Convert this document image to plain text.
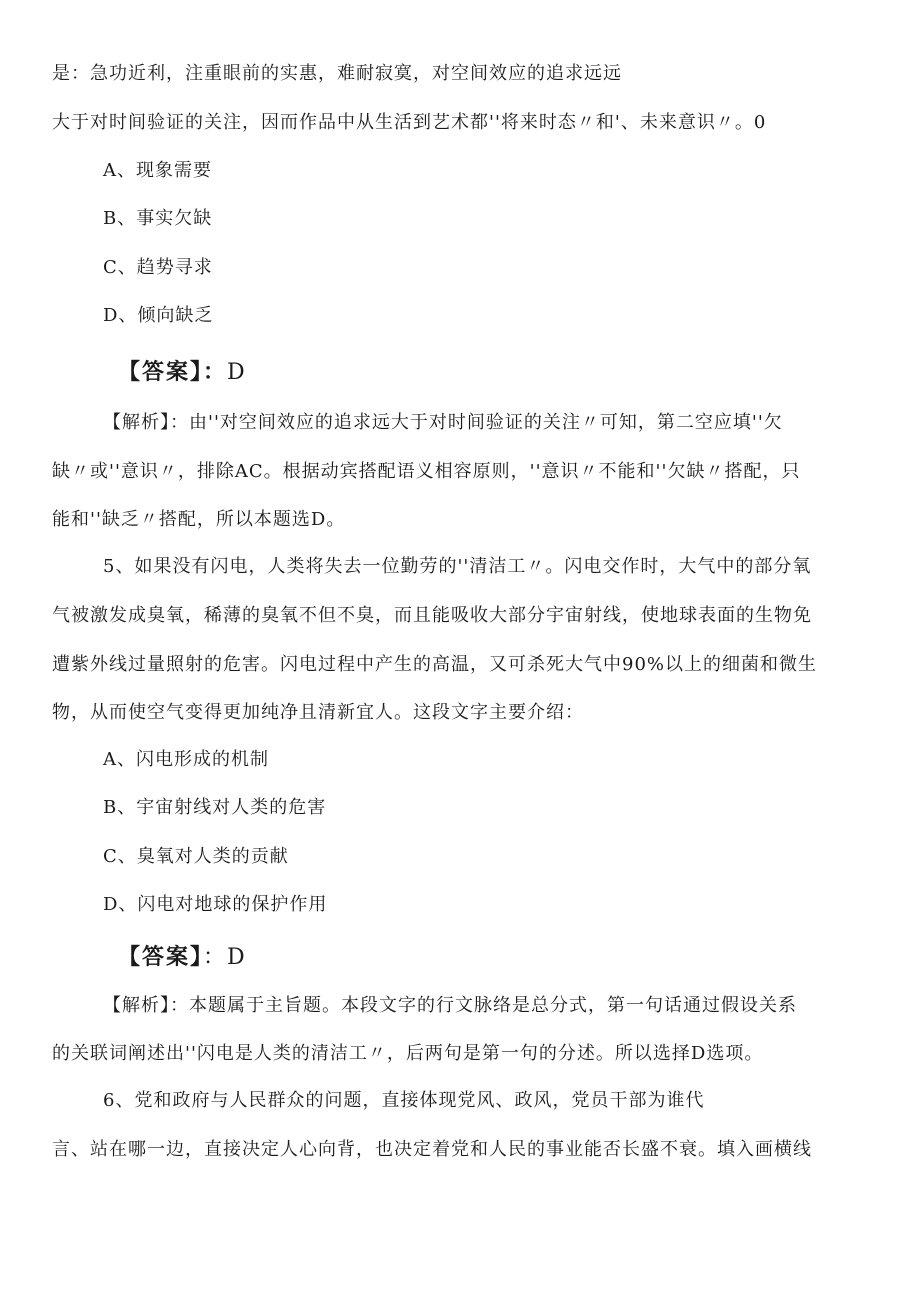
是：急功近利，注重眼前的实惠，难耐寂寞，对空间效应的追求远远
大于对时间验证的关注，因而作品中从生活到艺术都''将来时态〃和'、未来意识〃。0
A、现象需要
B、事实欠缺
C、趋势寻求
D、倾向缺乏
【答案】：D
【解析】：由''对空间效应的追求远大于对时间验证的关注〃可知，第二空应填''欠
缺〃或''意识〃，排除AC。根据动宾搭配语义相容原则，''意识〃不能和''欠缺〃搭配，只
能和''缺乏〃搭配，所以本题选D。
5、如果没有闪电，人类将失去一位勤劳的''清洁工〃。闪电交作时，大气中的部分氧
气被激发成臭氧，稀薄的臭氧不但不臭，而且能吸收大部分宇宙射线，使地球表面的生物免
遭紫外线过量照射的危害。闪电过程中产生的高温，又可杀死大气中90%以上的细菌和微生
物，从而使空气变得更加纯净且清新宜人。这段文字主要介绍：
A、闪电形成的机制
B、宇宙射线对人类的危害
C、臭氧对人类的贡献
D、闪电对地球的保护作用
【答案】：D
【解析】：本题属于主旨题。本段文字的行文脉络是总分式，第一句话通过假设关系
的关联词阐述出''闪电是人类的清洁工〃，后两句是第一句的分述。所以选择D选项。
6、党和政府与人民群众的问题，直接体现党风、政风，党员干部为谁代
言、站在哪一边，直接决定人心向背，也决定着党和人民的事业能否长盛不衰。填入画横线
